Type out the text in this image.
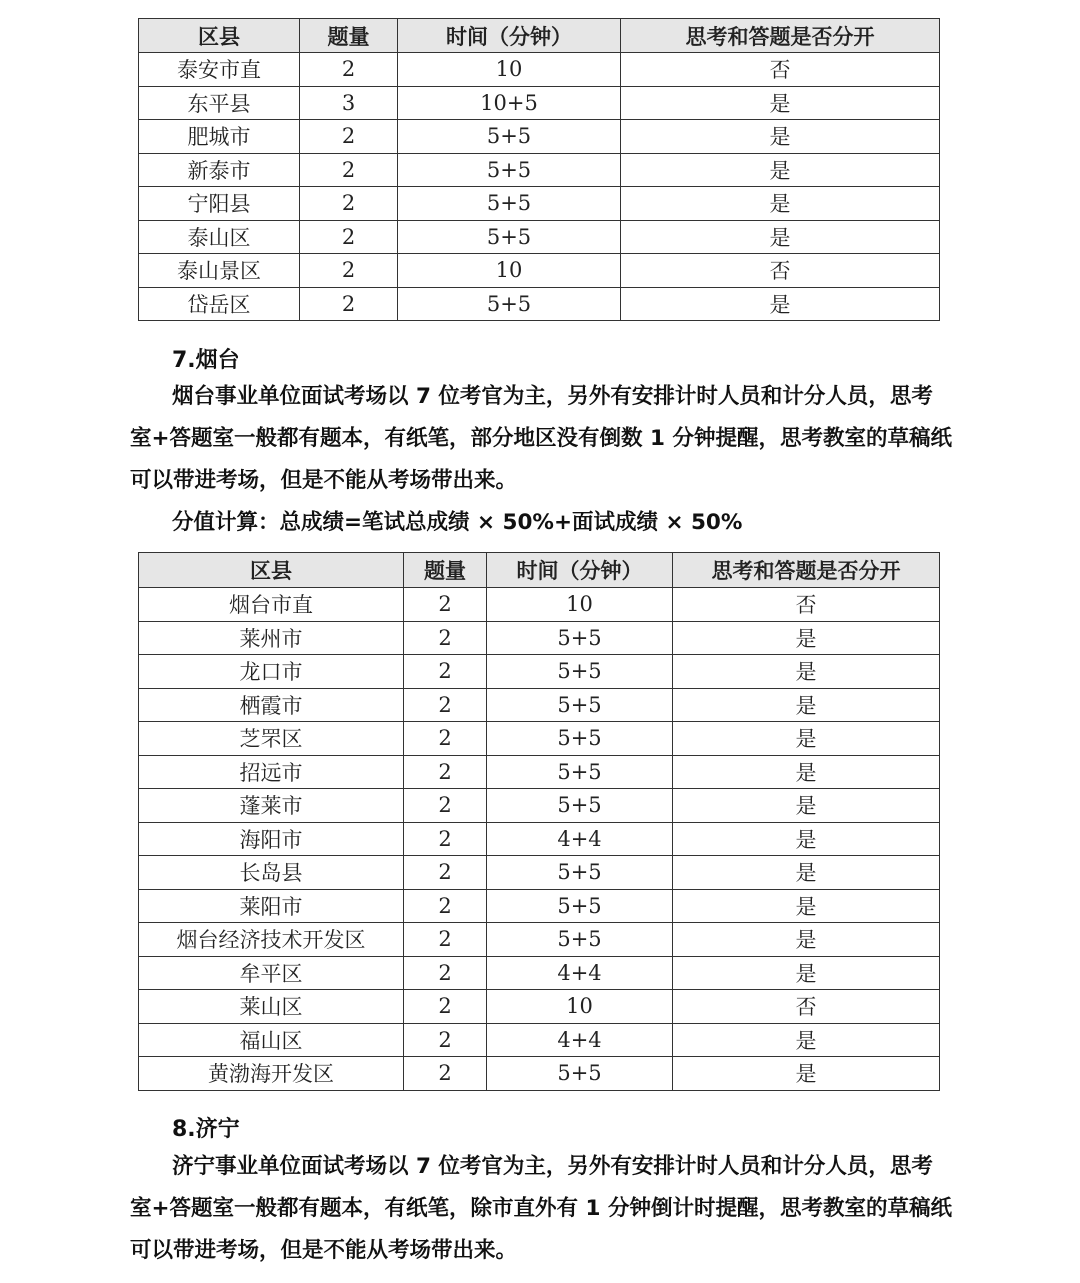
区县	题量	时间（分钟）	思考和答题是否分开
泰安市直	2	10	否
东平县	3	10+5	是
肥城市	2	5+5	是
新泰市	2	5+5	是
宁阳县	2	5+5	是
泰山区	2	5+5	是
泰山景区	2	10	否
岱岳区	2	5+5	是
7.烟台
烟台事业单位面试考场以 7 位考官为主，另外有安排计时人员和计分人员，思考
室+答题室一般都有题本，有纸笔，部分地区没有倒数 1 分钟提醒，思考教室的草稿纸
可以带进考场，但是不能从考场带出来。
分值计算：总成绩=笔试总成绩 × 50%+面试成绩 × 50%
区县	题量	时间（分钟）	思考和答题是否分开
烟台市直	2	10	否
莱州市	2	5+5	是
龙口市	2	5+5	是
栖霞市	2	5+5	是
芝罘区	2	5+5	是
招远市	2	5+5	是
蓬莱市	2	5+5	是
海阳市	2	4+4	是
长岛县	2	5+5	是
莱阳市	2	5+5	是
烟台经济技术开发区	2	5+5	是
牟平区	2	4+4	是
莱山区	2	10	否
福山区	2	4+4	是
黄渤海开发区	2	5+5	是
8.济宁
济宁事业单位面试考场以 7 位考官为主，另外有安排计时人员和计分人员，思考
室+答题室一般都有题本，有纸笔，除市直外有 1 分钟倒计时提醒，思考教室的草稿纸
可以带进考场，但是不能从考场带出来。
